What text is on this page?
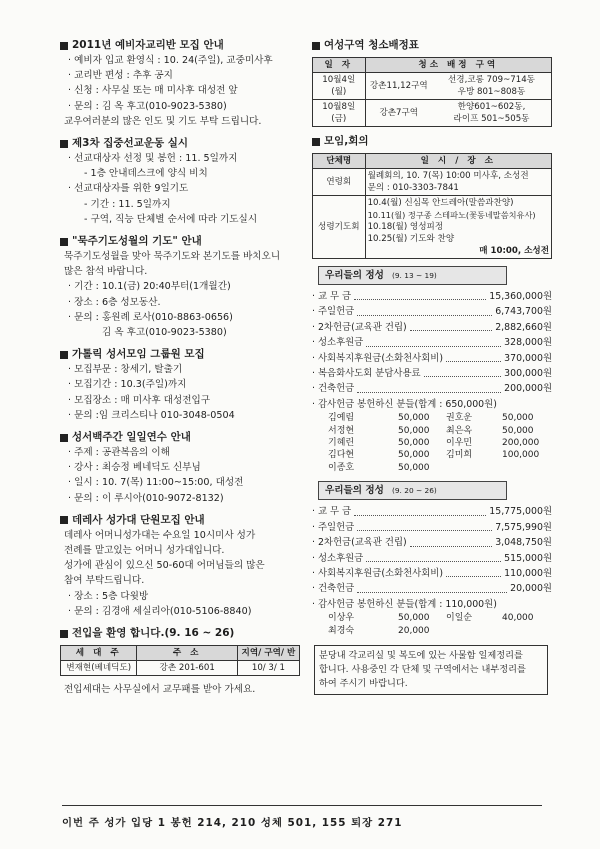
2011년 예비자교리반 모집 안내
· 예비자 입교 환영식 : 10. 24(주일), 교중미사후
· 교리반 편성 : 추후 공지
· 신청 : 사무실 또는 매 미사후 대성전 앞
· 문의 : 김 옥 후고(010-9023-5380)
교우여러분의 많은 인도 및 기도 부탁 드립니다.
제3차 집중선교운동 실시
· 선교대상자 선정 및 봉헌 : 11. 5일까지
- 1층 안내데스크에 양식 비치
· 선교대상자를 위한 9일기도
- 기간 : 11. 5일까지
- 구역, 직능 단체별 순서에 따라 기도실시
"묵주기도성월의 기도" 안내
묵주기도성월을 맞아 묵주기도와 본기도를 바치오니
많은 참석 바랍니다.
· 기간 : 10.1(금) 20:40부터(1개월간)
· 장소 : 6층 성모동산.
· 문의 : 홍원례 로사(010-8863-0656)
김 옥 후고(010-9023-5380)
가톨릭 성서모임 그룹원 모집
· 모집부문 : 창세기, 탈출기
· 모집기간 : 10.3(주일)까지
· 모집장소 : 매 미사후 대성전입구
· 문의 :임 크리스티나 010-3048-0504
성서백주간 일일연수 안내
· 주제 : 공관복음의 이해
· 강사 : 최승정 베네딕도 신부님
· 일시 : 10. 7(목) 11:00~15:00, 대성전
· 문의 : 이 루시아(010-9072-8132)
데레사 성가대 단원모집 안내
데레사 어머니성가대는 수요일 10시미사 성가
전례를 맡고있는 어머니 성가대입니다.
성가에 관심이 있으신 50-60대 어머님들의 많은
참여 부탁드립니다.
· 장소 : 5층 다윗방
· 문의 : 김경애 세실리아(010-5106-8840)
전입을 환영 합니다.(9. 16 ~ 26)
세 대 주	주 소	지역/ 구역/ 반
변재현(베네딕도)	강촌 201-601	10/ 3/ 1
전입세대는 사무실에서 교무패를 받아 가세요.
여성구역 청소배정표
일 자	청소 배정 구역	
10월4일(월)	강촌11,12구역	선경,코롱 709~714동
우방 801~808동

10월8일(금)	강촌7구역	한양601~602동,
라이프 501~505동
모임,회의
단체명	일 시 / 장 소
연령회	월례회의, 10. 7(목) 10:00 미사후, 소성전
문의 : 010-3303-7841

성령기도회	10.4(월) 신심목 안드레아(말씀과찬양)
10.11(월) 정구종 스테파노(꽃동네말씀치유사)
10.18(월) 영성피정
10.25(월) 기도와 찬양
매 10:00, 소성전
우리들의 정성 (9. 13 ~ 19)
· 교 무 금	15,360,000원
· 주일헌금	6,743,700원
· 2차헌금(교육관 건립)	2,882,660원
· 성소후원금	328,000원
· 사회복지후원금(소화천사회비)	370,000원
· 복음화사도회 분담사용료	300,000원
· 건축헌금	200,000원
· 감사헌금 봉헌하신 분들(합계 : 650,000원)
김예림	50,000	권호운	50,000
서정현	50,000	최은옥	50,000
기혜린	50,000	이우민	200,000
김다현	50,000	김미희	100,000
이종호	50,000
우리들의 정성 (9. 20 ~ 26)
· 교 무 금	15,775,000원
· 주일헌금	7,575,990원
· 2차헌금(교육관 건립)	3,048,750원
· 성소후원금	515,000원
· 사회복지후원금(소화천사회비)	110,000원
· 건축헌금	20,000원
· 감사헌금 봉헌하신 분들(합계 : 110,000원)
이상우	50,000	이일순	40,000
최경숙	20,000
분당내 각교리실 및 복도에 있는 사물함 일제정리를
합니다. 사용중인 각 단체 및 구역에서는 내부정리를
하여 주시기 바랍니다.
이번 주 성가 입당 1 봉헌 214, 210 성체 501, 155 퇴장 271
